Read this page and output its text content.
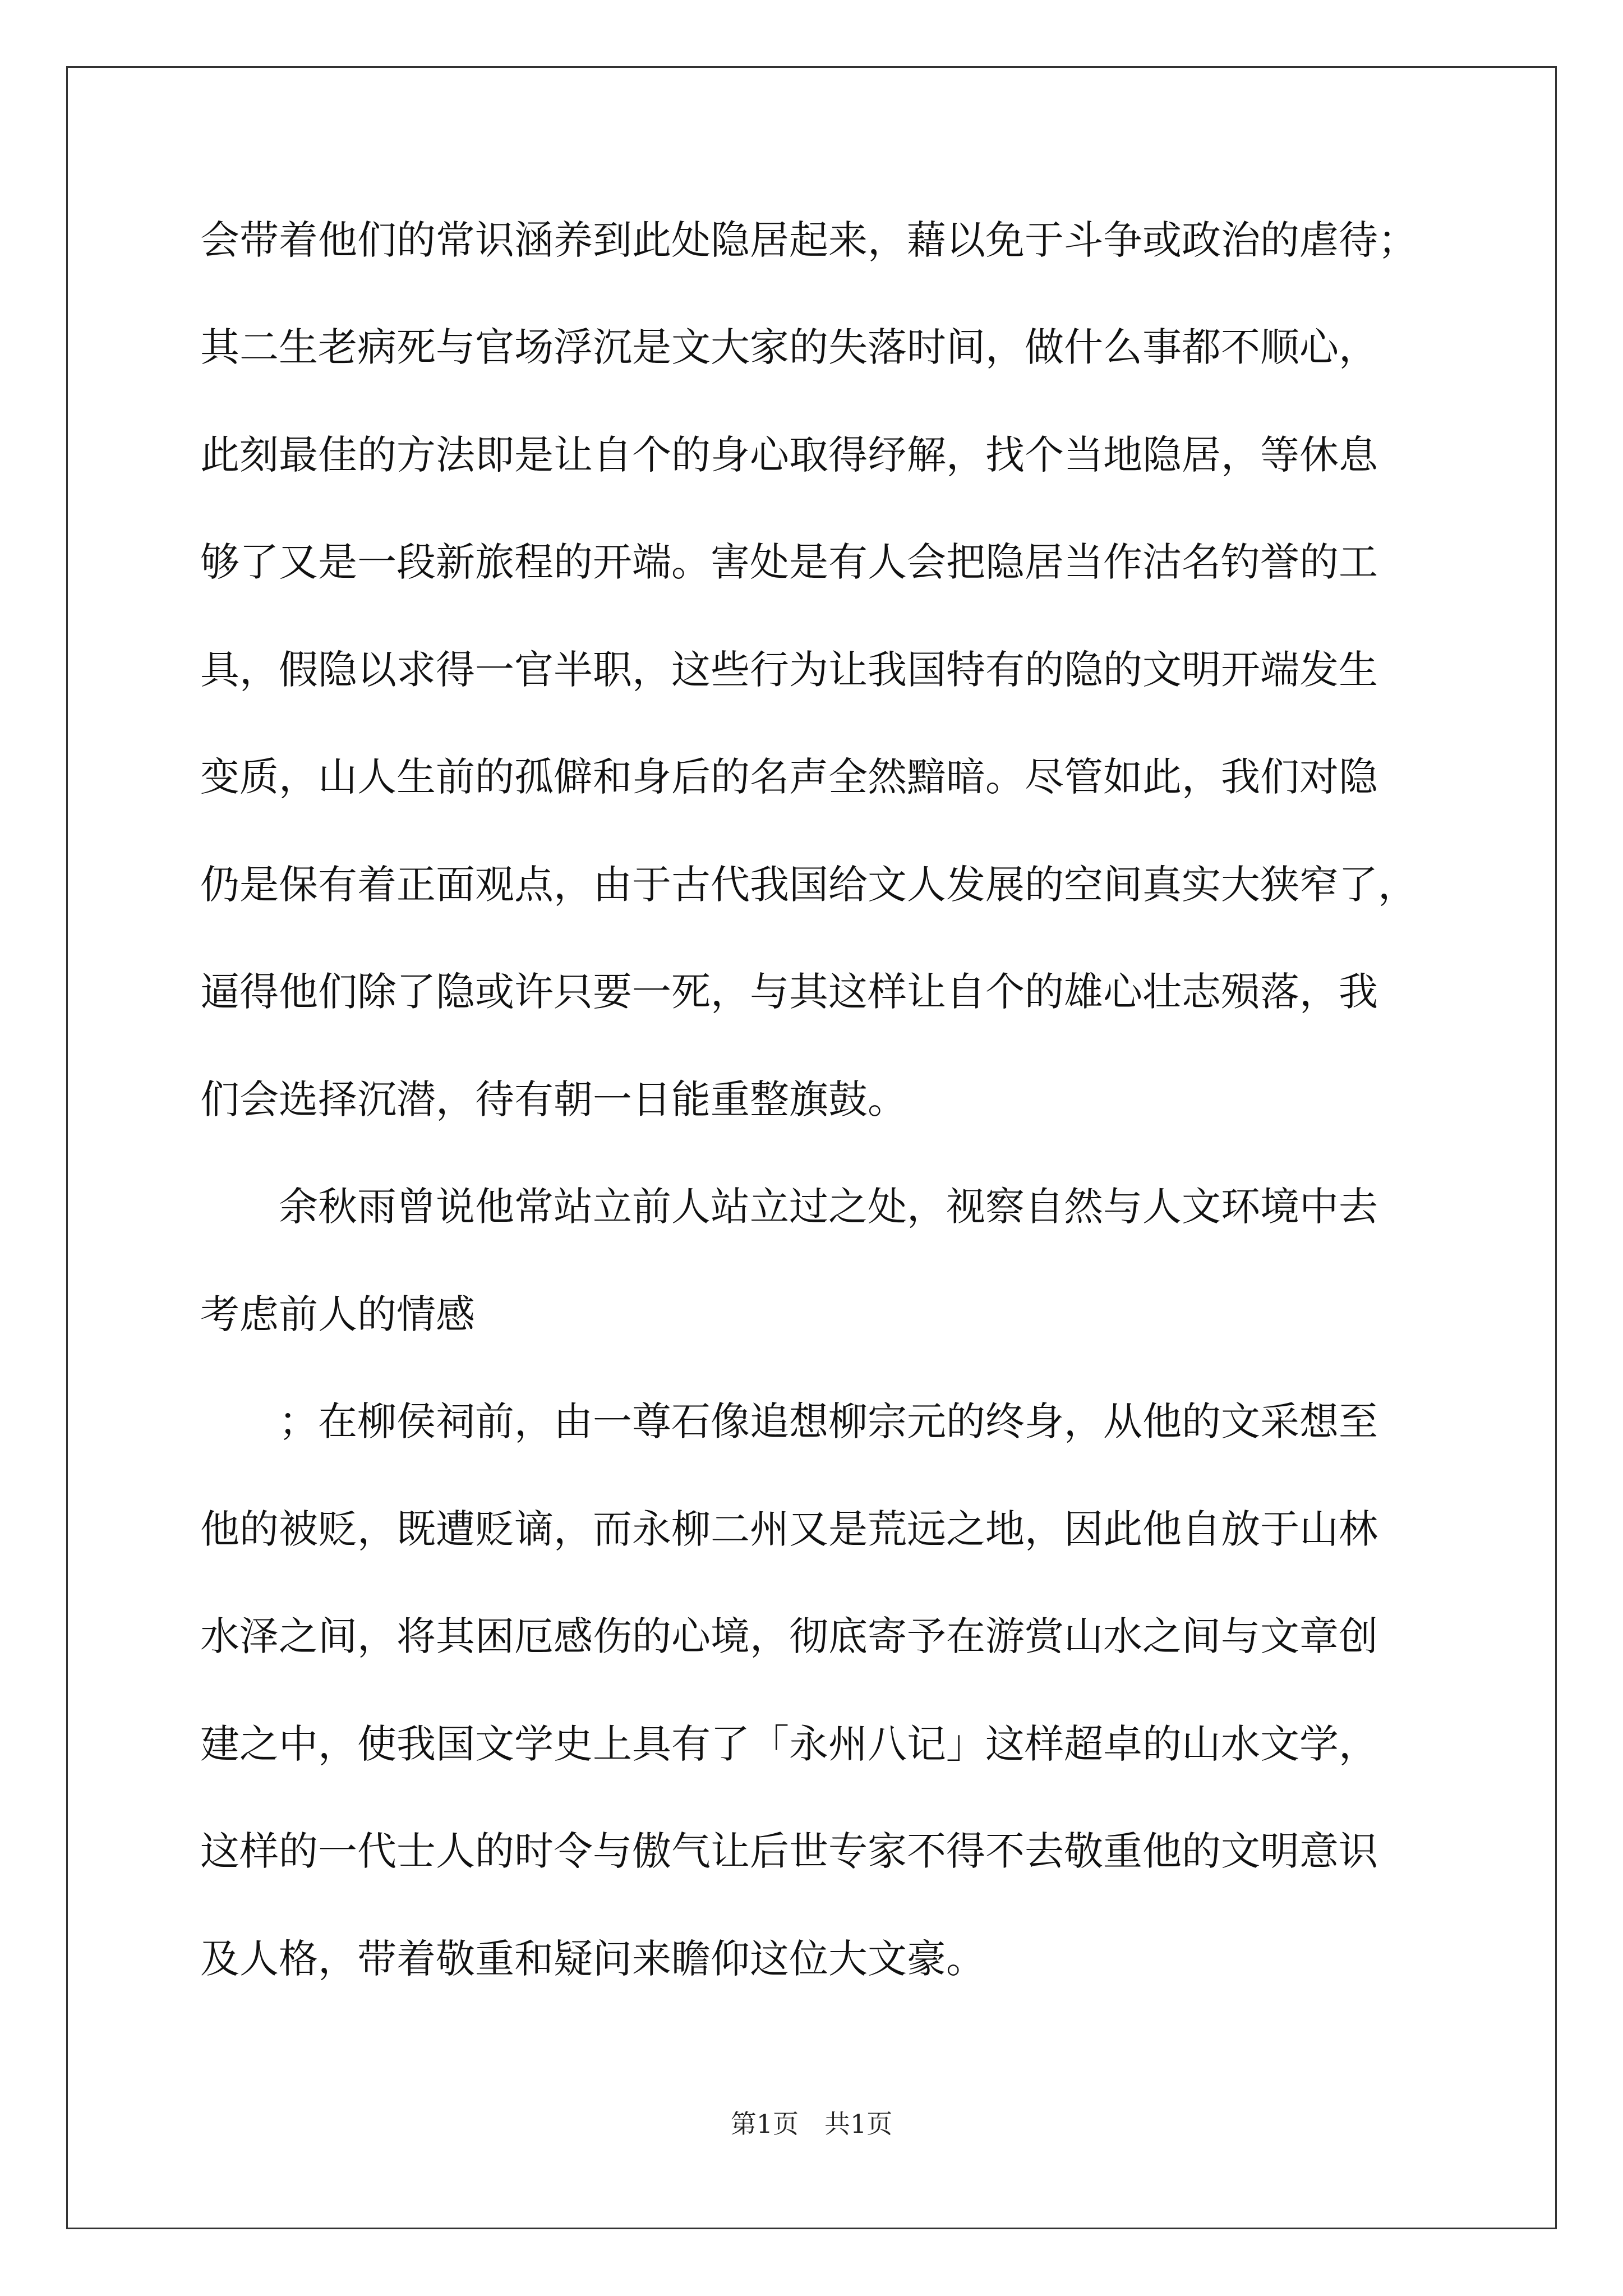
会带着他们的常识涵养到此处隐居起来，藉以免于斗争或政治的虐待；
其二生老病死与官场浮沉是文大家的失落时间，做什么事都不顺心，
此刻最佳的方法即是让自个的身心取得纾解，找个当地隐居，等休息
够了又是一段新旅程的开端。害处是有人会把隐居当作沽名钓誉的工
具，假隐以求得一官半职，这些行为让我国特有的隐的文明开端发生
变质，山人生前的孤僻和身后的名声全然黯暗。尽管如此，我们对隐
仍是保有着正面观点，由于古代我国给文人发展的空间真实大狭窄了，
逼得他们除了隐或许只要一死，与其这样让自个的雄心壮志殒落，我
们会选择沉潜，待有朝一日能重整旗鼓。
余秋雨曾说他常站立前人站立过之处，视察自然与人文环境中去
考虑前人的情感
；在柳侯祠前，由一尊石像追想柳宗元的终身，从他的文采想至
他的被贬，既遭贬谪，而永柳二州又是荒远之地，因此他自放于山林
水泽之间，将其困厄感伤的心境，彻底寄予在游赏山水之间与文章创
建之中，使我国文学史上具有了「永州八记」这样超卓的山水文学，
这样的一代士人的时令与傲气让后世专家不得不去敬重他的文明意识
及人格，带着敬重和疑问来瞻仰这位大文豪。
第1页 共1页
